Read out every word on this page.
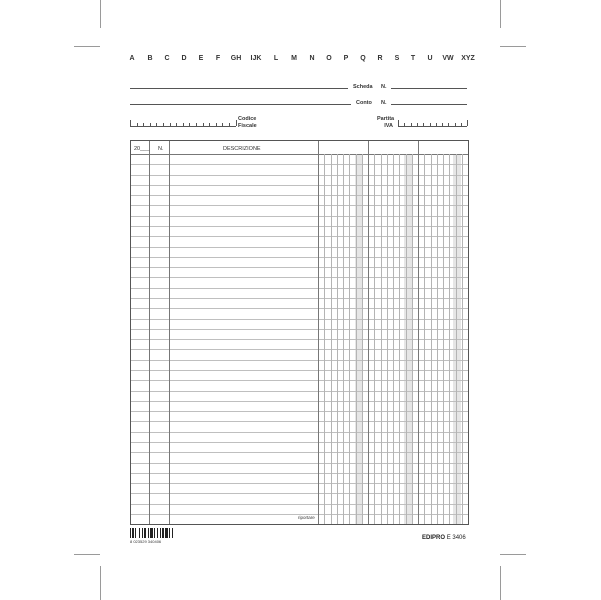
A	B	C	D	E	F	GH	IJK	L	M	N	O	P	Q	R	S	T	U	VW	XYZ
Scheda N.
Conto N.
Codice
Fiscale
Partita
IVA
20___ N.	DESCRIZIONE
riportare
8 023529 340406
EDIPRO E 3406
